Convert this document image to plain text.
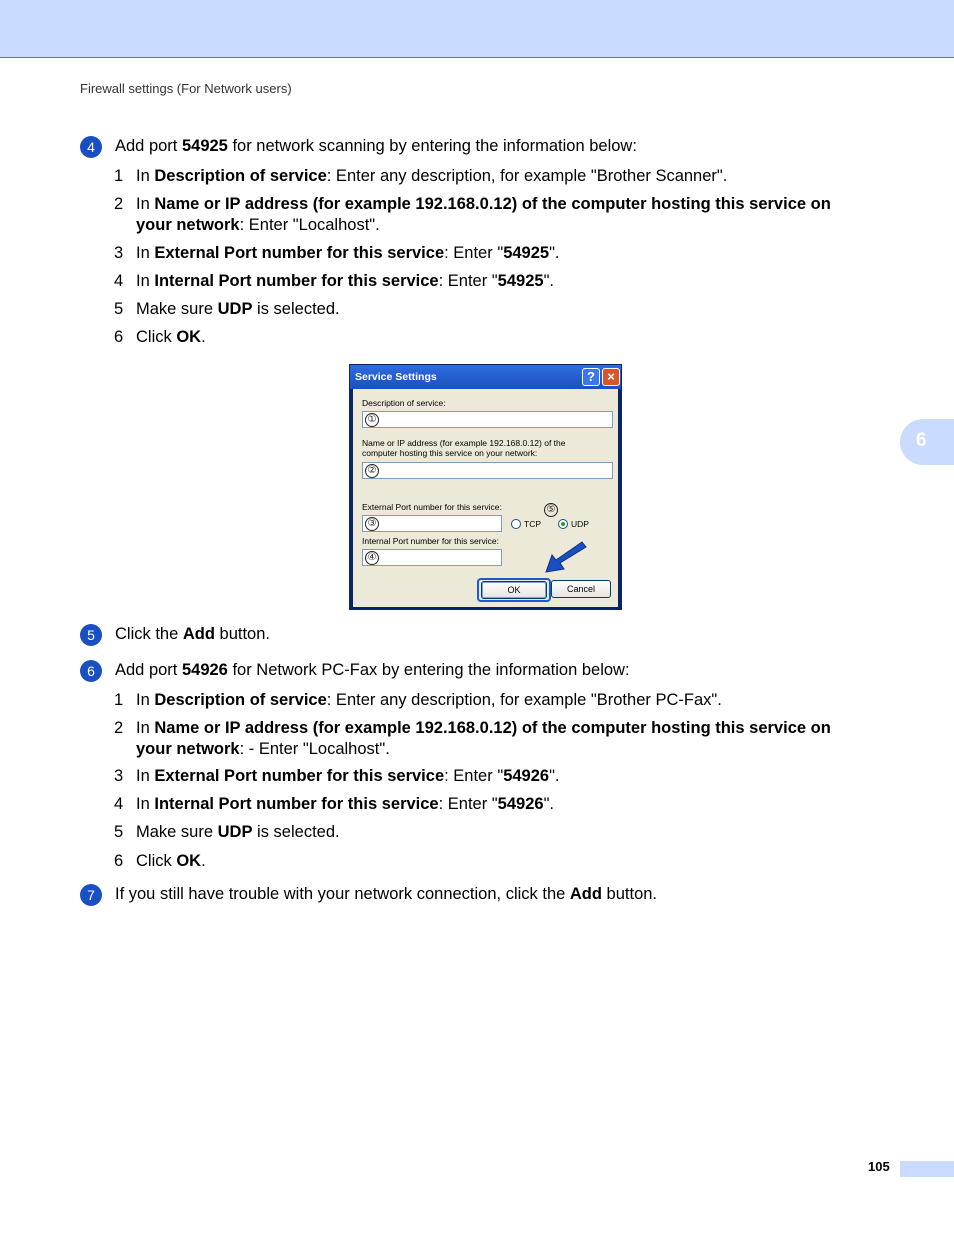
Firewall settings (For Network users)
6
4	Add port 54925 for network scanning by entering the information below:
1 In Description of service: Enter any description, for example "Brother Scanner".
2 In Name or IP address (for example 192.168.0.12) of the computer hosting this service on your network: Enter "Localhost".
3 In External Port number for this service: Enter "54925".
4 In Internal Port number for this service: Enter "54925".
5 Make sure UDP is selected.
6 Click OK.
Service Settings	? ×
Description of service:
①
Name or IP address (for example 192.168.0.12) of the
computer hosting this service on your network:
②
External Port number for this service:
③
⑤
TCP	UDP
Internal Port number for this service:
④
OK	Cancel
5	Click the Add button.
6	Add port 54926 for Network PC-Fax by entering the information below:
1 In Description of service: Enter any description, for example "Brother PC-Fax".
2 In Name or IP address (for example 192.168.0.12) of the computer hosting this service on your network: - Enter "Localhost".
3 In External Port number for this service: Enter "54926".
4 In Internal Port number for this service: Enter "54926".
5 Make sure UDP is selected.
6 Click OK.
7	If you still have trouble with your network connection, click the Add button.
105
